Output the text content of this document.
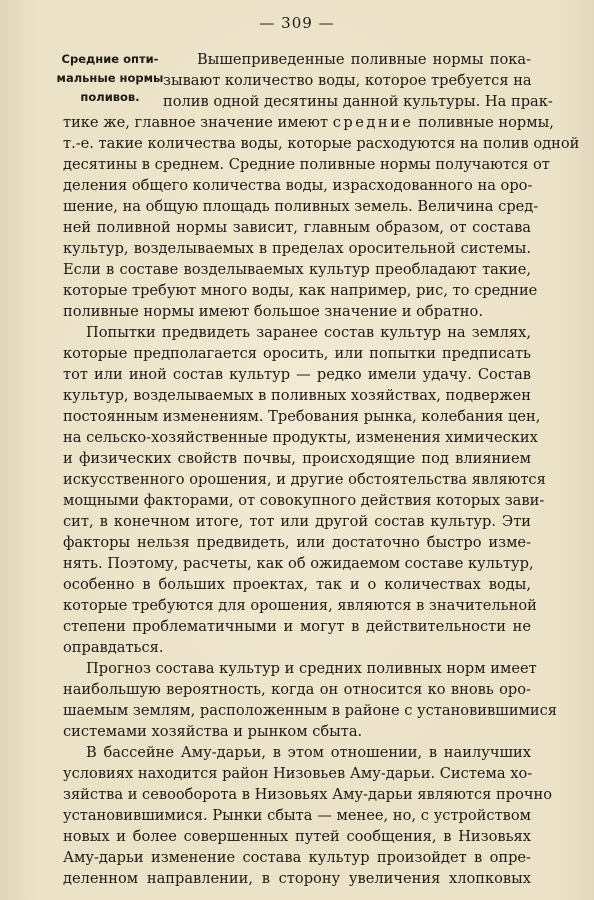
— 309 —
Средние опти-
мальные нормы
поливов.
Вышеприведенные поливные нормы пока-
зывают количество воды, которое требуется на
полив одной десятины данной культуры. На прак-
тике же, главное значение имеют средние поливные нормы,
т.-е. такие количества воды, которые расходуются на полив одной
десятины в среднем. Средние поливные нормы получаются от
деления общего количества воды, израсходованного на оро-
шение, на общую площадь поливных земель. Величина сред-
ней поливной нормы зависит, главным образом, от состава
культур, возделываемых в пределах оросительной системы.
Если в составе возделываемых культур преобладают такие,
которые требуют много воды, как например, рис, то средние
поливные нормы имеют большое значение и обратно.
Попытки предвидеть заранее состав культур на землях,
которые предполагается оросить, или попытки предписать
тот или иной состав культур — редко имели удачу. Состав
культур, возделываемых в поливных хозяйствах, подвержен
постоянным изменениям. Требования рынка, колебания цен,
на сельско-хозяйственные продукты, изменения химических
и физических свойств почвы, происходящие под влиянием
искусственного орошения, и другие обстоятельства являются
мощными факторами, от совокупного действия которых зави-
сит, в конечном итоге, тот или другой состав культур. Эти
факторы нельзя предвидеть, или достаточно быстро изме-
нять. Поэтому, расчеты, как об ожидаемом составе культур,
особенно в больших проектах, так и о количествах воды,
которые требуются для орошения, являются в значительной
степени проблематичными и могут в действительности не
оправдаться.
Прогноз состава культур и средних поливных норм имеет
наибольшую вероятность, когда он относится ко вновь оро-
шаемым землям, расположенным в районе с установившимися
системами хозяйства и рынком сбыта.
В бассейне Аму-дарьи, в этом отношении, в наилучших
условиях находится район Низовьев Аму-дарьи. Система хо-
зяйства и севооборота в Низовьях Аму-дарьи являются прочно
установившимися. Рынки сбыта — менее, но, с устройством
новых и более совершенных путей сообщения, в Низовьях
Аму-дарьи изменение состава культур произойдет в опре-
деленном направлении, в сторону увеличения хлопковых
